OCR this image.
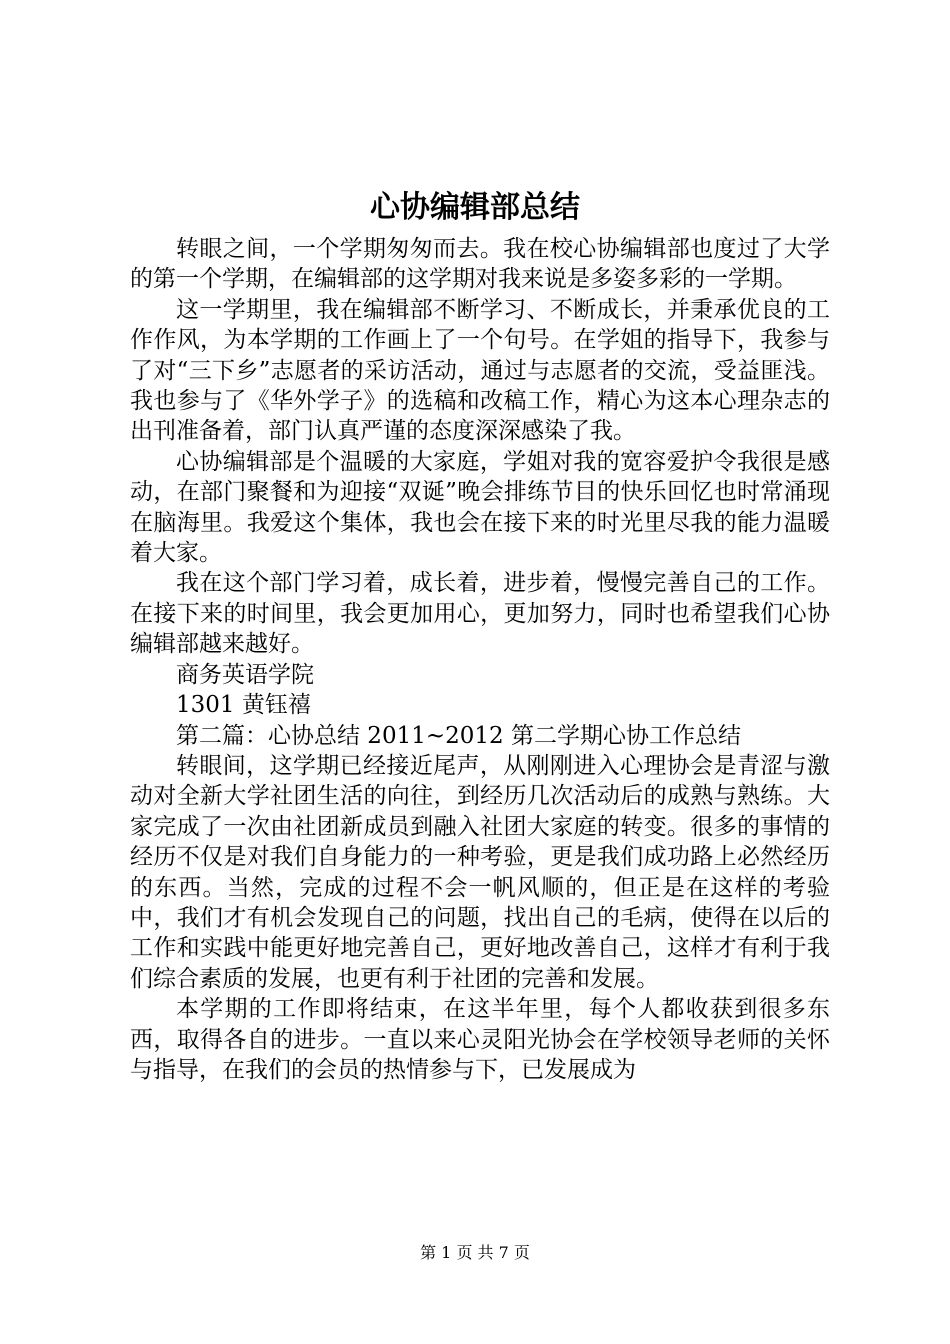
心协编辑部总结

转眼之间，一个学期匆匆而去。我在校心协编辑部也度过了大学的第一个学期，在编辑部的这学期对我来说是多姿多彩的一学期。

这一学期里，我在编辑部不断学习、不断成长，并秉承优良的工作作风，为本学期的工作画上了一个句号。在学姐的指导下，我参与了对“三下乡”志愿者的采访活动，通过与志愿者的交流，受益匪浅。我也参与了《华外学子》的选稿和改稿工作，精心为这本心理杂志的出刊准备着，部门认真严谨的态度深深感染了我。

心协编辑部是个温暖的大家庭，学姐对我的宽容爱护令我很是感动，在部门聚餐和为迎接“双诞”晚会排练节目的快乐回忆也时常涌现在脑海里。我爱这个集体，我也会在接下来的时光里尽我的能力温暖着大家。

我在这个部门学习着，成长着，进步着，慢慢完善自己的工作。在接下来的时间里，我会更加用心，更加努力，同时也希望我们心协编辑部越来越好。

商务英语学院

1301 黄钰禧

第二篇：心协总结 2011~2012 第二学期心协工作总结

转眼间，这学期已经接近尾声，从刚刚进入心理协会是青涩与激动对全新大学社团生活的向往，到经历几次活动后的成熟与熟练。大家完成了一次由社团新成员到融入社团大家庭的转变。很多的事情的经历不仅是对我们自身能力的一种考验，更是我们成功路上必然经历的东西。当然，完成的过程不会一帆风顺的，但正是在这样的考验中，我们才有机会发现自己的问题，找出自己的毛病，使得在以后的工作和实践中能更好地完善自己，更好地改善自己，这样才有利于我们综合素质的发展，也更有利于社团的完善和发展。

本学期的工作即将结束，在这半年里，每个人都收获到很多东西，取得各自的进步。一直以来心灵阳光协会在学校领导老师的关怀与指导，在我们的会员的热情参与下，已发展成为

第 1 页 共 7 页
